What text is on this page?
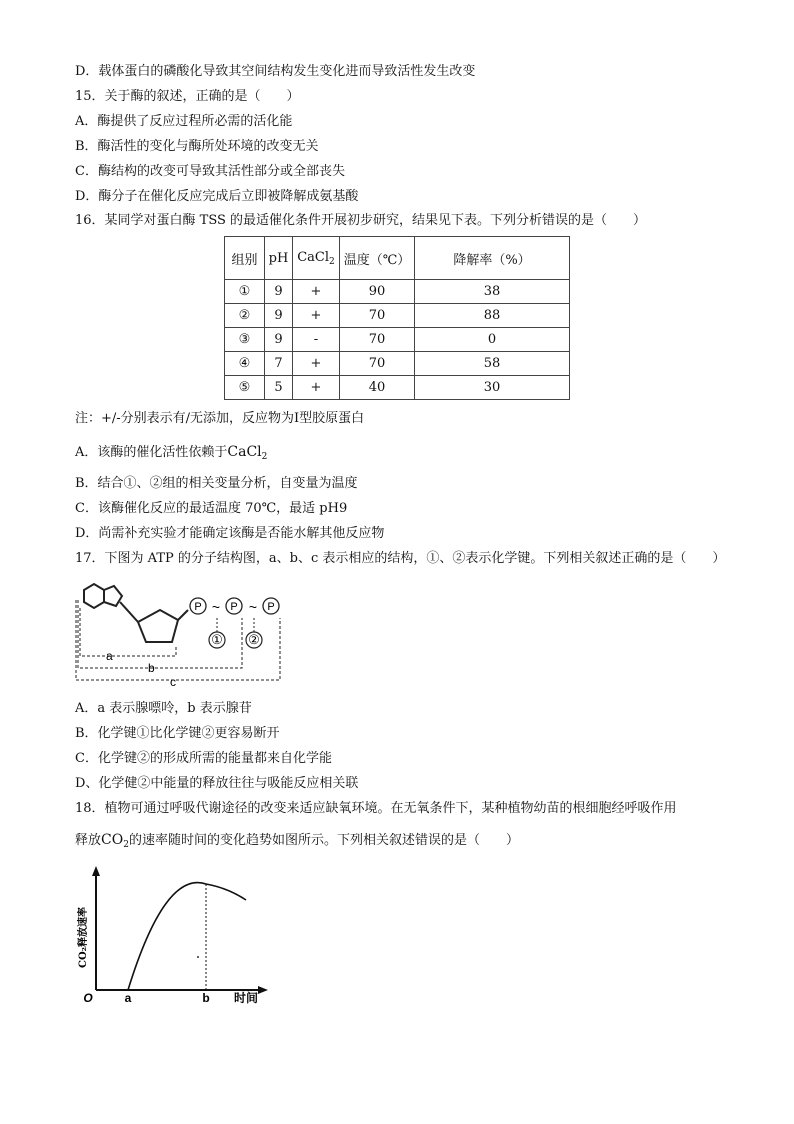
D．载体蛋白的磷酸化导致其空间结构发生变化进而导致活性发生改变
15．关于酶的叙述，正确的是（　　）
A．酶提供了反应过程所必需的活化能
B．酶活性的变化与酶所处环境的改变无关
C．酶结构的改变可导致其活性部分或全部丧失
D．酶分子在催化反应完成后立即被降解成氨基酸
16．某同学对蛋白酶 TSS 的最适催化条件开展初步研究，结果见下表。下列分析错误的是（　　）
组别	pH	CaCl$_2$	温度（℃）	降解率（%）
①	9	+	90	38
②	9	+	70	88
③	9	-	70	0
④	7	+	70	58
⑤	5	+	40	30
注：+/-分别表示有/无添加，反应物为Ⅰ型胶原蛋白
A．该酶的催化活性依赖于CaCl$_2$
B．结合①、②组的相关变量分析，自变量为温度
C．该酶催化反应的最适温度 70℃，最适 pH9
D．尚需补充实验才能确定该酶是否能水解其他反应物
17．下图为 ATP 的分子结构图，a、b、c 表示相应的结构，①、②表示化学键。下列相关叙述正确的是（　　）
P ~ P ~ P
① ②
a
b
c
A．a 表示腺嘌呤，b 表示腺苷
B．化学键①比化学键②更容易断开
C．化学键②的形成所需的能量都来自化学能
D、化学健②中能量的释放往往与吸能反应相关联
18．植物可通过呼吸代谢途径的改变来适应缺氧环境。在无氧条件下，某种植物幼苗的根细胞经呼吸作用
释放$CO_2$的速率随时间的变化趋势如图所示。下列相关叙述错误的是（　　）
O	a	b 时间
CO₂释放速率
